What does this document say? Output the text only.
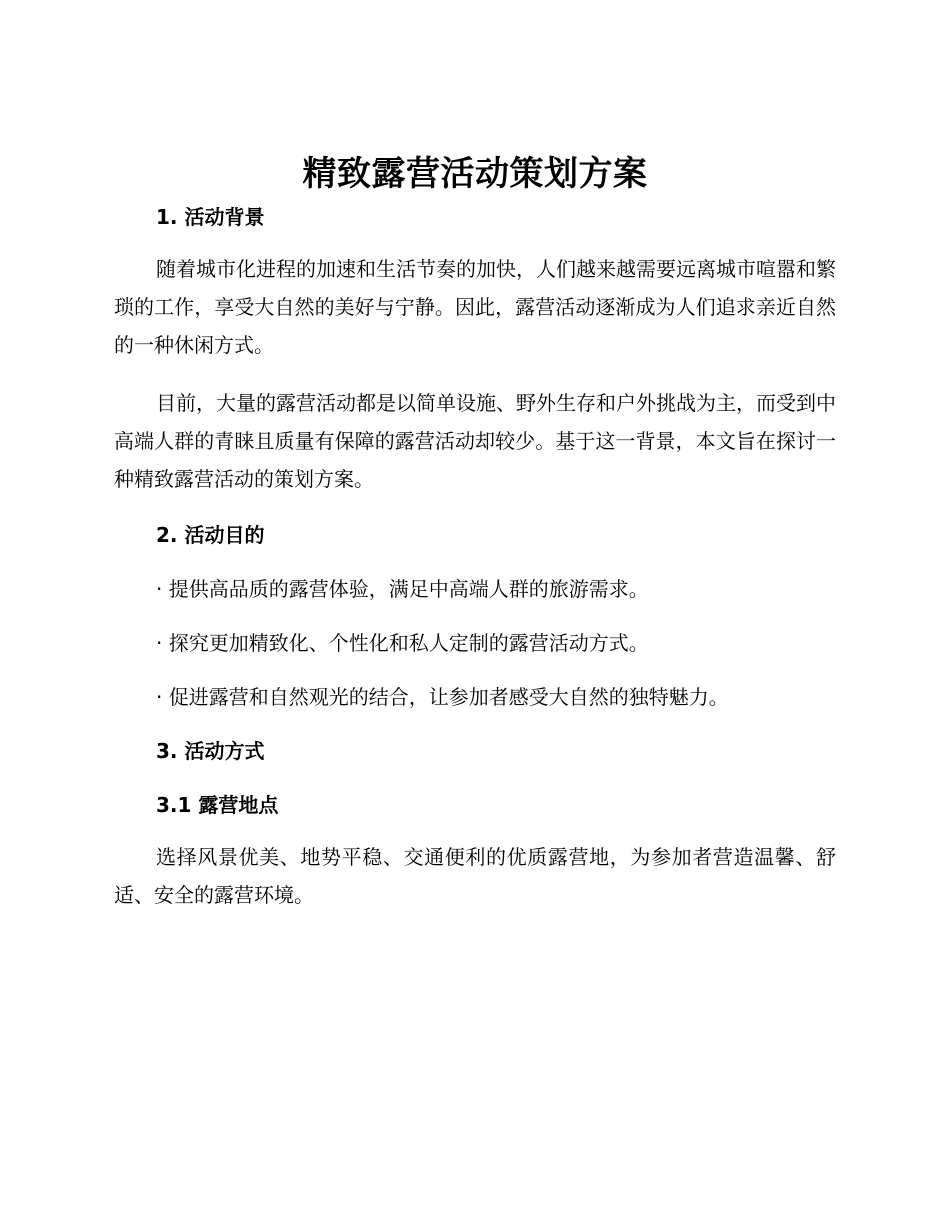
精致露营活动策划方案
1. 活动背景

随着城市化进程的加速和生活节奏的加快，人们越来越需要远离城市喧嚣和繁琐的工作，享受大自然的美好与宁静。因此，露营活动逐渐成为人们追求亲近自然的一种休闲方式。

目前，大量的露营活动都是以简单设施、野外生存和户外挑战为主，而受到中高端人群的青睐且质量有保障的露营活动却较少。基于这一背景，本文旨在探讨一种精致露营活动的策划方案。

2. 活动目的
· 提供高品质的露营体验，满足中高端人群的旅游需求。
· 探究更加精致化、个性化和私人定制的露营活动方式。
· 促进露营和自然观光的结合，让参加者感受大自然的独特魅力。
3. 活动方式
3.1 露营地点

选择风景优美、地势平稳、交通便利的优质露营地，为参加者营造温馨、舒适、安全的露营环境。
